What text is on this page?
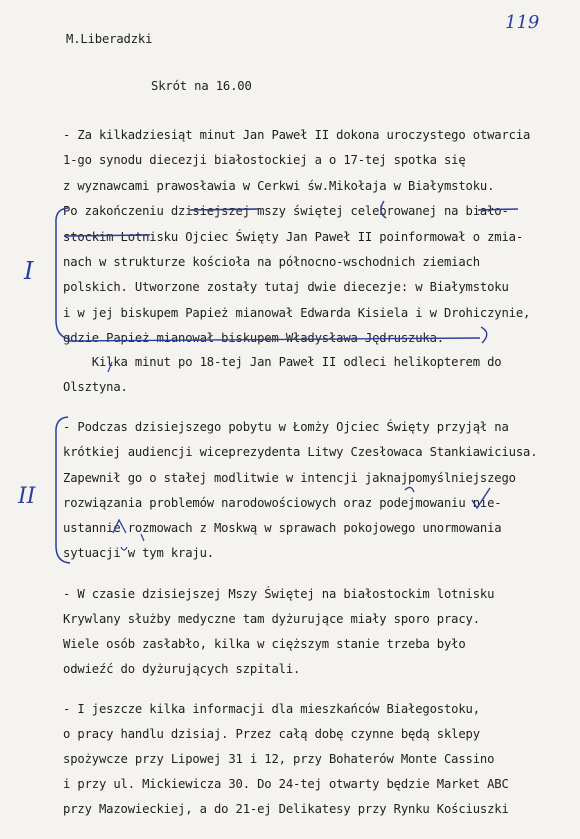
M.Liberadzki
119
Skrót na 16.00
- Za kilkadziesiąt minut Jan Paweł II dokona uroczystego otwarcia
1-go synodu diecezji białostockiej a o 17-tej spotka się
z wyznawcami prawosławia w Cerkwi św.Mikołaja w Białymstoku.
Po zakończeniu dzisiejszej mszy świętej celebrowanej na biało-
stockim Lotnisku Ojciec Święty Jan Paweł II poinformował o zmia-
nach w strukturze kościoła na północno-wschodnich ziemiach
polskich. Utworzone zostały tutaj dwie diecezje: w Białymstoku
i w jej biskupem Papież mianował Edwarda Kisiela i w Drohiczynie,
gdzie Papież mianował biskupem Władysława Jędruszuka.
Kilka minut po 18-tej Jan Paweł II odleci helikopterem do
Olsztyna.
- Podczas dzisiejszego pobytu w Łomży Ojciec Święty przyjął na
krótkiej audiencji wiceprezydenta Litwy Czesłowaca Stankiawiciusa.
Zapewnił go o stałej modlitwie w intencji jaknajpomyślniejszego
rozwiązania problemów narodowościowych oraz podejmowaniu nie-
ustannie rozmowach z Moskwą w sprawach pokojowego unormowania
sytuacji w tym kraju.
- W czasie dzisiejszej Mszy Świętej na białostockim lotnisku
Krywlany służby medyczne tam dyżurujące miały sporo pracy.
Wiele osób zasłabło, kilka w cięższym stanie trzeba było
odwieźć do dyżurujących szpitali.
- I jeszcze kilka informacji dla mieszkańców Białegostoku,
o pracy handlu dzisiaj. Przez całą dobę czynne będą sklepy
spożywcze przy Lipowej 31 i 12, przy Bohaterów Monte Cassino
i przy ul. Mickiewicza 30. Do 24-tej otwarty będzie Market ABC
przy Mazowieckiej, a do 21-ej Delikatesy przy Rynku Kościuszki
I
II
